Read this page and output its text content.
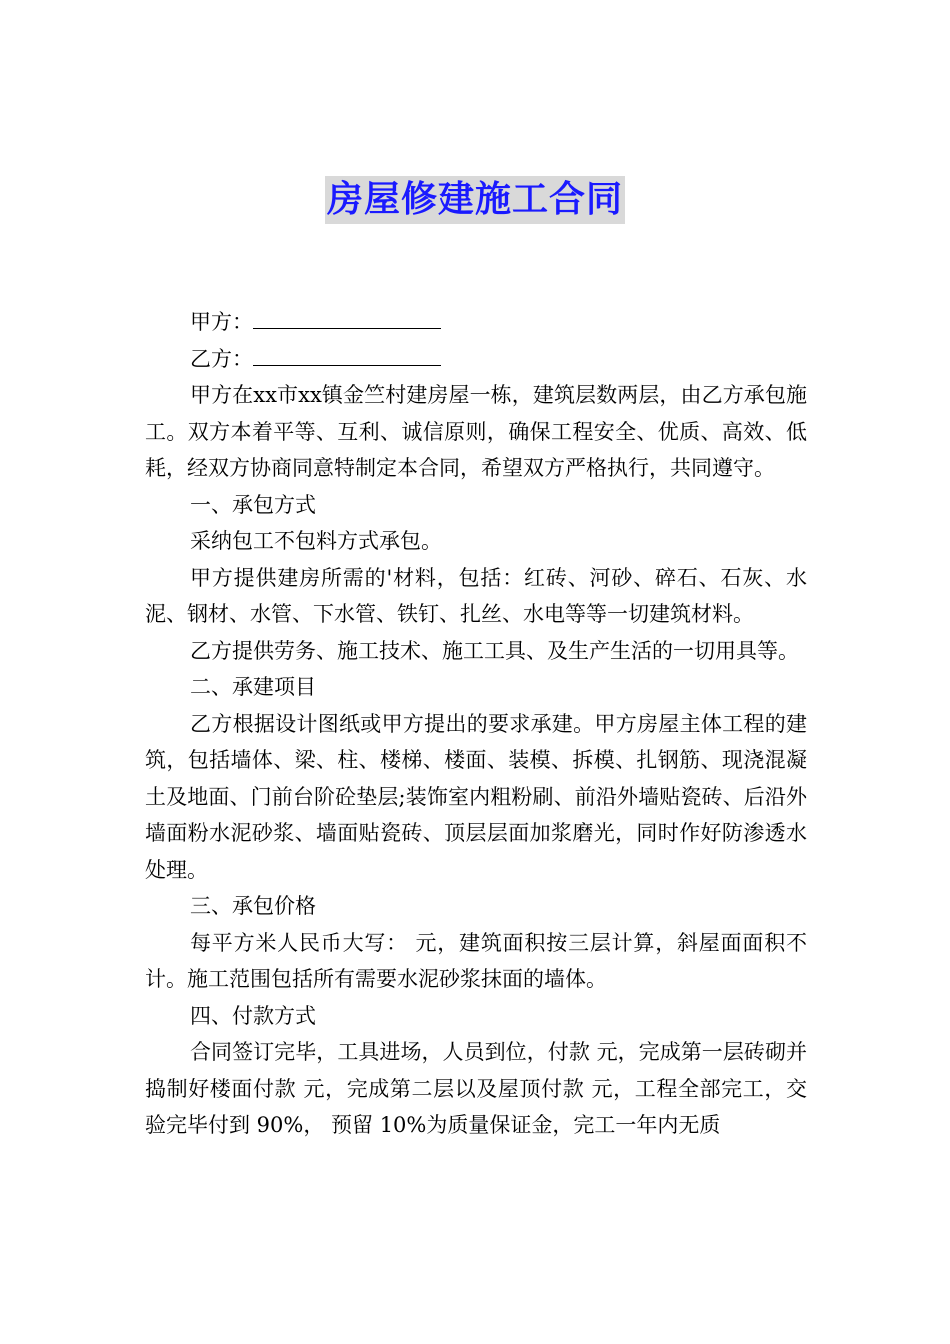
房屋修建施工合同

甲方：

乙方：

甲方在xx市xx镇金竺村建房屋一栋，建筑层数两层，由乙方承包施工。双方本着平等、互利、诚信原则，确保工程安全、优质、高效、低耗，经双方协商同意特制定本合同，希望双方严格执行，共同遵守。

一、承包方式

采纳包工不包料方式承包。

甲方提供建房所需的'材料，包括：红砖、河砂、碎石、石灰、水泥、钢材、水管、下水管、铁钉、扎丝、水电等等一切建筑材料。

乙方提供劳务、施工技术、施工工具、及生产生活的一切用具等。

二、承建项目

乙方根据设计图纸或甲方提出的要求承建。甲方房屋主体工程的建筑，包括墙体、梁、柱、楼梯、楼面、装模、拆模、扎钢筋、现浇混凝土及地面、门前台阶砼垫层;装饰室内粗粉刷、前沿外墙贴瓷砖、后沿外墙面粉水泥砂浆、墙面贴瓷砖、顶层层面加浆磨光，同时作好防渗透水处理。

三、承包价格

每平方米人民币大写： 元，建筑面积按三层计算，斜屋面面积不计。施工范围包括所有需要水泥砂浆抹面的墙体。

四、付款方式

合同签订完毕，工具进场，人员到位，付款 元，完成第一层砖砌并捣制好楼面付款 元，完成第二层以及屋顶付款 元，工程全部完工，交验完毕付到 90%， 预留 10%为质量保证金，完工一年内无质
